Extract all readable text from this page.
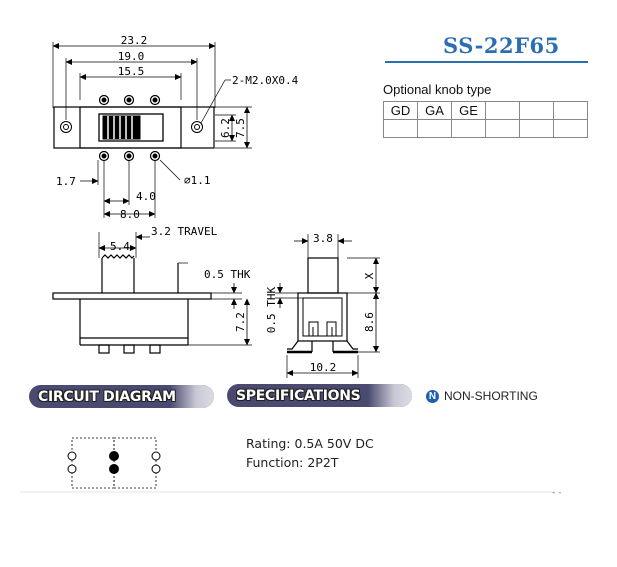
23.2
19.0
15.5
2-M2.0X0.4
6.2 7.5
1.7
4.0
8.0
∅1.1
5.4
3.2 TRAVEL
0.5 THK
7.2
3.8
X
8.6
0.5 THK
10.2
- -
SS-22F65
Optional knob type
GD	GA	GE			

CIRCUIT DIAGRAM	SPECIFICATIONS	N NON-SHORTING
Rating: 0.5A 50V DC
Function: 2P2T
